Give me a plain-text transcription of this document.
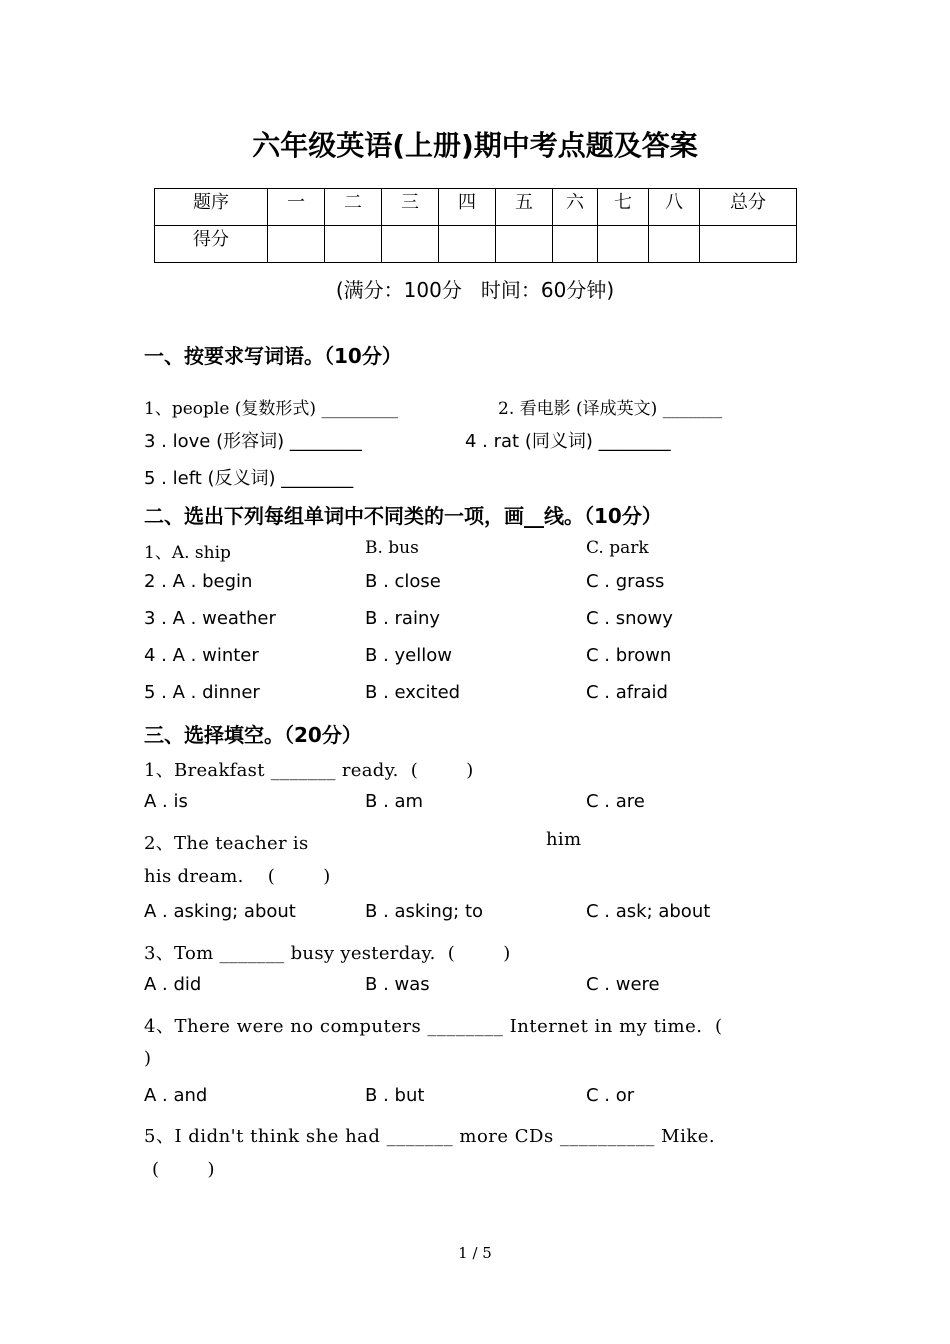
六年级英语(上册)期中考点题及答案
题序	一	二	三	四	五	六	七	八	总分
得分									
(满分：100分   时间：60分钟)
一、按要求写词语。（10分）
1、people (复数形式) _________	2. 看电影 (译成英文) _______
3 . love (形容词) ________	4 . rat (同义词) ________
5 . left (反义词) ________
二、选出下列每组单词中不同类的一项，画__线。（10分）
1、A. ship	B. bus	C. park
2 . A . begin	B . close	C . grass
3 . A . weather	B . rainy	C . snowy
4 . A . winter	B . yellow	C . brown
5 . A . dinner	B . excited	C . afraid
三、选择填空。（20分）
1、Breakfast _______ ready.  (        )
A . is	B . am	C . are
2、The teacher is	him
his dream.    (        )
A . asking; about	B . asking; to	C . ask; about
3、Tom _______ busy yesterday.  (        )
A . did	B . was	C . were
4、There were no computers ________ Internet in my time.  (
)
A . and	B . but	C . or
5、I didn't think she had _______ more CDs __________ Mike.
(        )
1 / 5
